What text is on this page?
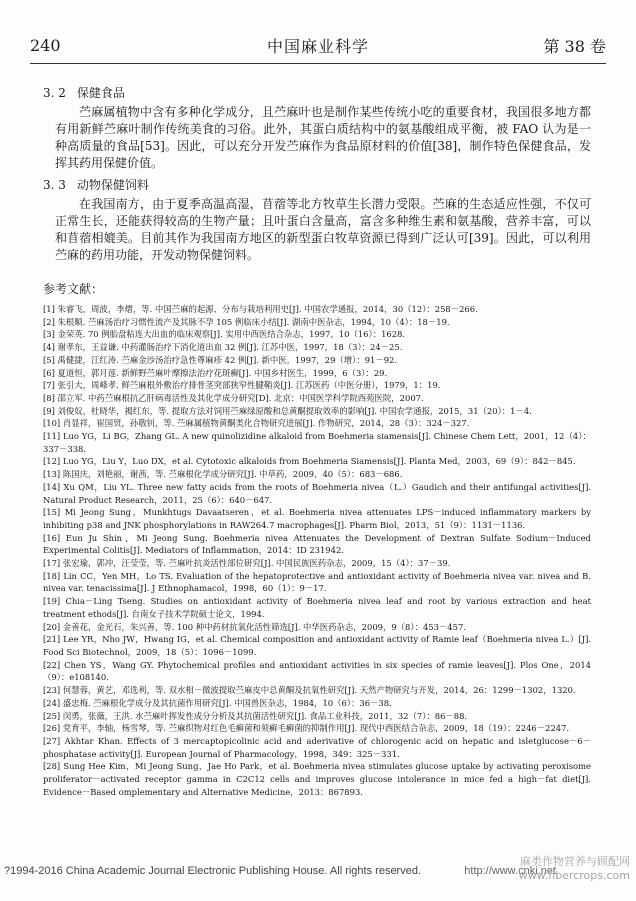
240	中国麻业科学	第 38 卷
3. 2 保健食品

苎麻属植物中含有多种化学成分，且苎麻叶也是制作某些传统小吃的重要食材，我国很多地方都有用新鲜苎麻叶制作传统美食的习俗。此外，其蛋白质结构中的氨基酸组成平衡，被 FAO 认为是一种高质量的食品[53]。因此，可以充分开发苎麻作为食品原材料的价值[38]，制作特色保健食品，发挥其药用保健价值。

3. 3 动物保健饲料

在我国南方，由于夏季高温高湿，苜蓿等北方牧草生长潜力受限。苎麻的生态适应性强，不仅可正常生长，还能获得较高的生物产量；且叶蛋白含量高，富含多种维生素和氨基酸，营养丰富，可以和苜蓿相媲美。目前其作为我国南方地区的新型蛋白牧草资源已得到广泛认可[39]。因此，可以利用苎麻的药用功能，开发动物保健饲料。

参考文献：

[1] 朱睿飞，周波，李熠，等. 中国苎麻的起源、分布与栽培利用史[J]. 中国农学通报，2014，30（12）：258－266.

[2] 朱根顺. 苎麻汤治疗习惯性流产及其脉不孕 105 例临床小结[J]. 湖南中医杂志，1994，10（4）：18－19.

[3] 金荣英. 70 例胎盘粘连大出血的临床观察[J]. 实用中西医结合杂志，1997，10（16）：1628.

[4] 谢孝东，王益谦. 中药灌肠治疗下消化道出血 32 例[J]. 江苏中医，1997，18（3）：24－25.

[5] 禹健捷，江红涛. 苎麻金沙汤治疗急性尊麻疹 42 例[J]. 新中医，1997，29（增）：91－92.

[6] 夏道恒，郭月莲. 新鲜野苎麻叶摩擦法治疗花斑癣[J]. 中国乡村医生，1999，6（3）：29.

[7] 张引大，周峰孝. 鲜苎麻根外敷治疗排骨茎突部狭窄性腱鞘炎[J]. 江苏医药（中医分册），1979，1：19.

[8] 邵立军. 中药苎麻根抗乙肝病毒活性及其化学成分研究[D]. 北京：中国医学科学院西苑医院，2007.

[9] 刘俊奴，杜晓华，揭红东，等. 提取方法对饲用苎麻绿原酸和总黄酮提取效率的影响[J]. 中国农学通报，2015，31（20）：1－4.

[10] 肖显祥，崔国贤，孙敬钊，等. 苎麻属植物黄酮类化合物研究进展[J]. 作物研究，2014，28（3）：324－327.

[11] Luo YG，Li BG，Zhang GL. A new quinolizidine alkaloid from Boehmeria siamensis[J]. Chinese Chem Lett，2001，12（4）：337－338.

[12] Luo YG，Liu Y，Luo DX，et al. Cytotoxic alkaloids from Boehmeria Siamensis[J]. Planta Med，2003，69（9）：842－845.

[13] 陈国庆，刘艳丽，谢茜，等. 苎麻根化学成分研究[J]. 中草药，2009，40（5）：683－686.

[14] Xu QM，Liu YL. Three new fatty acids from the roots of Boehmeria nivea（L.）Gaudich and their antifungal activities[J]. Natural Product Research，2011，25（6）：640－647.

[15] Mi Jeong Sung，Munkhtugs Davaatseren，et al. Boehmeria nivea attenuates LPS－induced inflammatory markers by inhibiting p38 and JNK phosphorylations in RAW264.7 macrophages[J]. Pharm Biol，2013，51（9）：1131－1136.

[16] Eun Ju Shin，Mi Jeong Sung. Boehmeria nivea Attenuates the Development of Dextran Sulfate Sodium－Induced Experimental Colitis[J]. Mediators of Inflammation，2014：ID 231942.

[17] 张宏瑜，郭冲，汪莹莹，等. 苎麻叶抗炎活性部位研究[J]. 中国民族医药杂志，2009，15（4）：37－39.

[18] Lin CC，Yen MH，Lo TS. Evaluation of the hepatoprotective and antioxidant activity of Boehmeria nivea var. nivea and B. nivea var. tenacissima[J]. J Ethnophamacol，1998，60（1）：9－17.

[19] Chia－Ling Tseng. Studies on antioxidant activity of Boehmeria nivea leaf and root by various extraction and heat treatment ethods[J]. 台南女子技术学院硕士论文，1994.

[20] 金善花，金光石，朱兴善，等. 100 种中药材抗氧化活性筛选[J]. 中华医药杂志，2009，9（8）：453－457.

[21] Lee YR，Nho JW，Hwang IG，et al. Chemical composition and antioxidant activity of Ramie leaf（Boehmeria nivea L.）[J]. Food Sci Biotechnol，2009，18（5）：1096－1099.

[22] Chen YS，Wang GY. Phytochemical profiles and antioxidant activities in six species of ramie leaves[J]. Plos One，2014（9）：e108140.

[23] 何慧蓉，黄艺，邓选利，等. 双水相－微波提取苎麻皮中总黄酮及抗氧性研究[J]. 天然产物研究与开发，2014，26：1299－1302，1320.

[24] 盛忠梅. 苎麻根化学成分及其抗菌作用研究[J]. 中国兽医杂志，1984，10（6）：36－38.

[25] 闵勇，张薇，王洪. 水苎麻叶挥发性成分分析及其抗菌活性研究[J]. 食品工业科技，2011，32（7）：86－88.

[26] 党育平，李轴，杨雪琴，等. 苎麻织物对红色毛癣菌和须癣毛癣菌的抑制作用[J]. 现代中西医结合杂志，2009，18（19）：2246－2247.

[27] Akhtar Khan. Effects of 3 mercaptopicolinic acid and aderivative of chlorogenic acid on hepatic and isletglucose－6－phosphatase activity[J]. European Journal of Pharmacology，1998，349：325－331.

[28] Sung Hee Kim，Mi Jeong Sung，Jae Ho Park，et al. Boehmeria nivea stimulates glucose uptake by activating peroxisome proliferator－activated receptor gamma in C2C12 cells and improves glucose intolerance in mice fed a high－fat diet[J]. Evidence－Based omplementary and Alternative Medicine，2013：867893.

?1994-2016 China Academic Journal Electronic Publishing House. All rights reserved.	http://www.cnki.net
麻类作物营养与顾配网 www.fibercrops.com
